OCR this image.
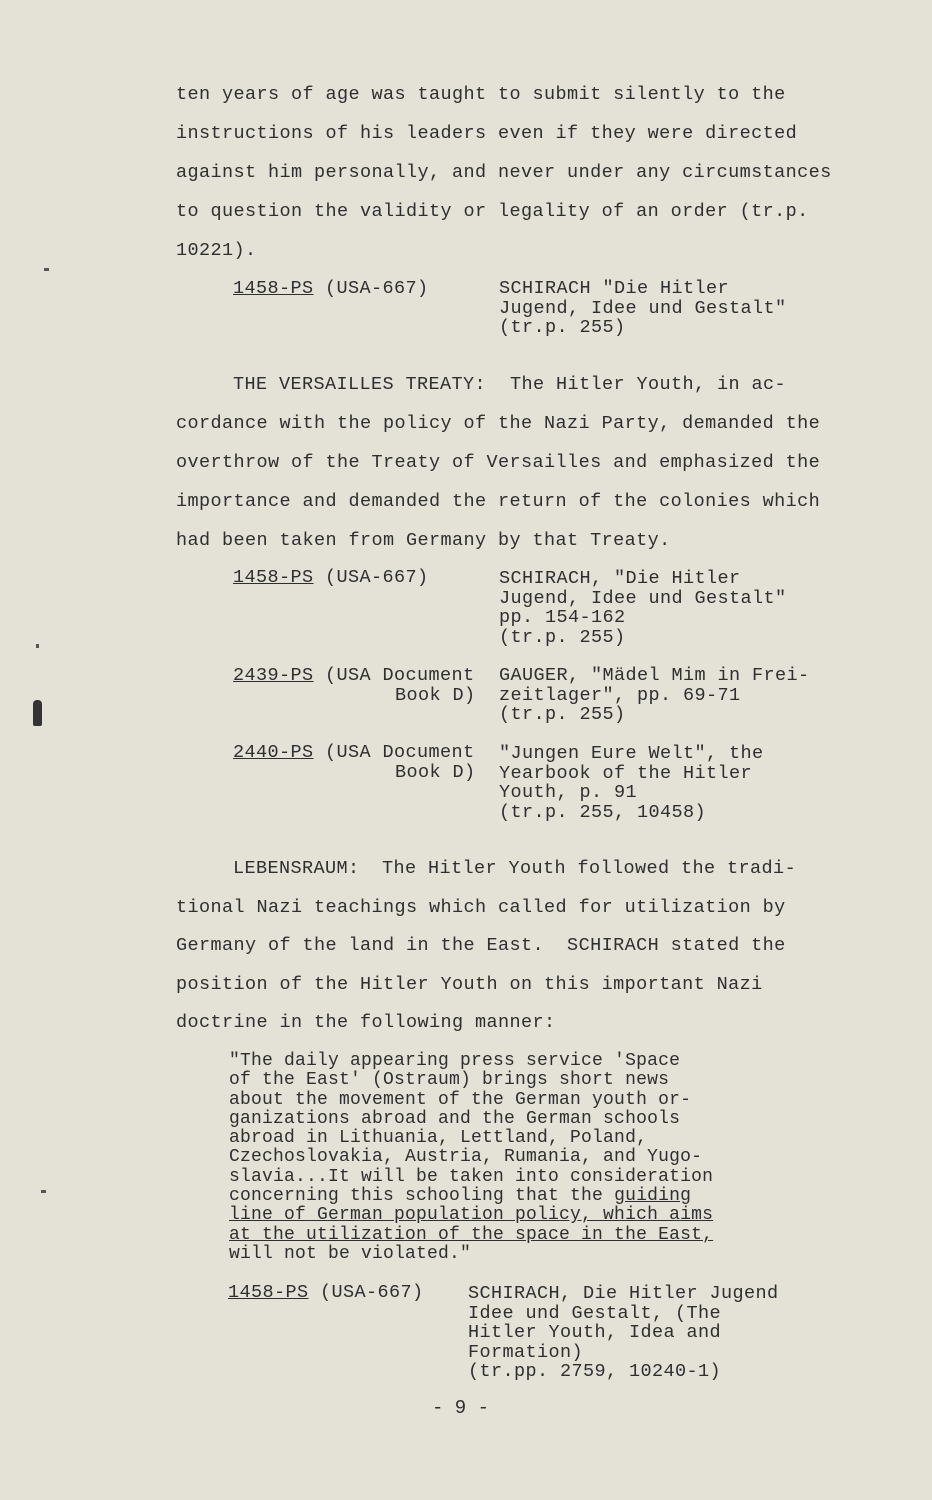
ten years of age was taught to submit silently to the
instructions of his leaders even if they were directed
against him personally, and never under any circumstances
to question the validity or legality of an order (tr.p.
10221).
1458-PS (USA-667)	SCHIRACH "Die Hitler
Jugend, Idee und Gestalt"
(tr.p. 255)
THE VERSAILLES TREATY: The Hitler Youth, in ac-
cordance with the policy of the Nazi Party, demanded the
overthrow of the Treaty of Versailles and emphasized the
importance and demanded the return of the colonies which
had been taken from Germany by that Treaty.
1458-PS (USA-667)	SCHIRACH, "Die Hitler
Jugend, Idee und Gestalt"
pp. 154-162
(tr.p. 255)
2439-PS (USA Document
Book D)
GAUGER, "Mädel Mim in Frei-
zeitlager", pp. 69-71
(tr.p. 255)
2440-PS (USA Document
Book D)
"Jungen Eure Welt", the
Yearbook of the Hitler
Youth, p. 91
(tr.p. 255, 10458)
LEBENSRAUM: The Hitler Youth followed the tradi-
tional Nazi teachings which called for utilization by
Germany of the land in the East.  SCHIRACH stated the
position of the Hitler Youth on this important Nazi
doctrine in the following manner:
"The daily appearing press service 'Space
of the East' (Ostraum) brings short news
about the movement of the German youth or-
ganizations abroad and the German schools
abroad in Lithuania, Lettland, Poland,
Czechoslovakia, Austria, Rumania, and Yugo-
slavia...It will be taken into consideration
concerning this schooling that the guiding
line of German population policy, which aims
at the utilization of the space in the East,
will not be violated."
1458-PS (USA-667) SCHIRACH, Die Hitler Jugend
Idee und Gestalt, (The
Hitler Youth, Idea and
Formation)
(tr.pp. 2759, 10240-1)
- 9 -
